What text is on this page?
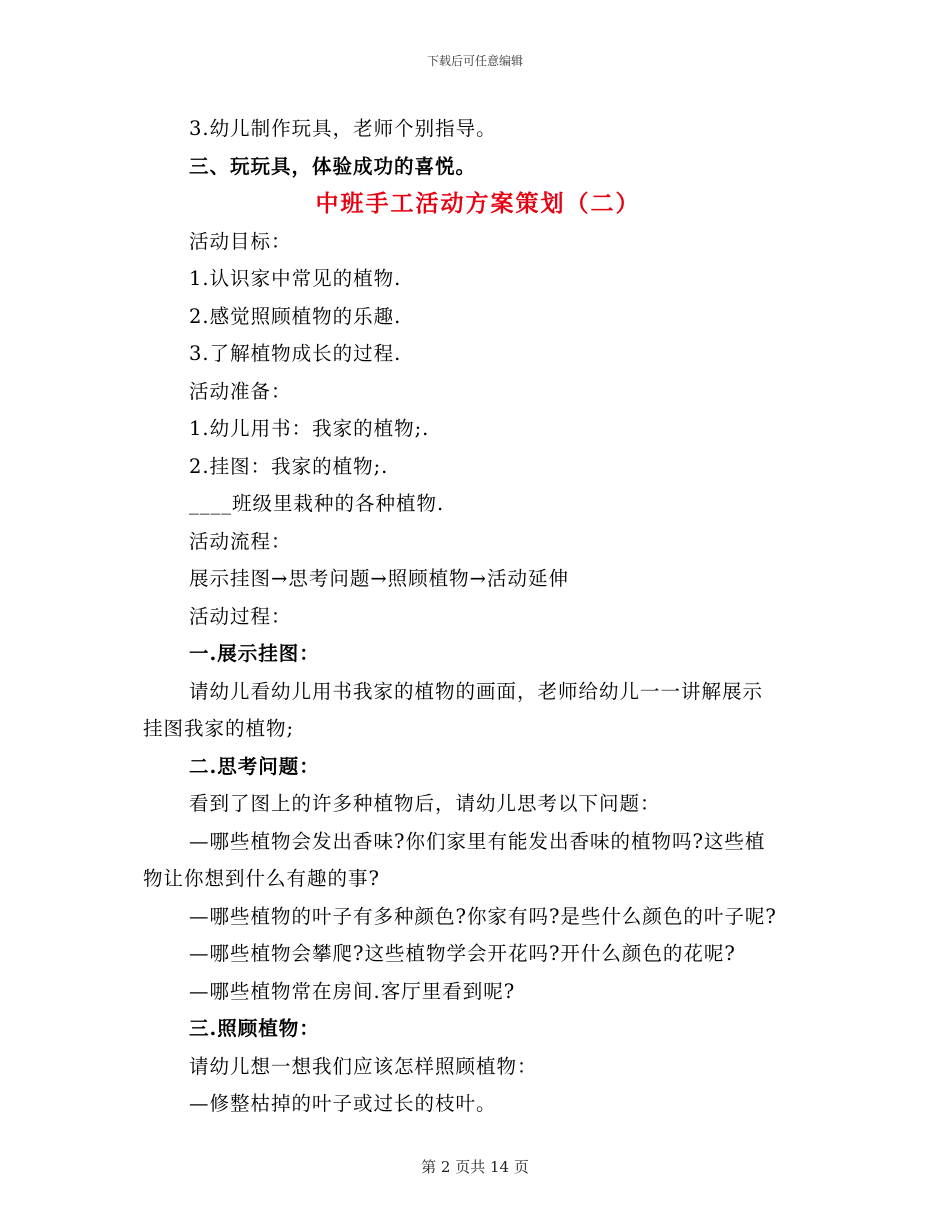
下载后可任意编辑
3.幼儿制作玩具，老师个别指导。
三、玩玩具，体验成功的喜悦。
中班手工活动方案策划（二）
活动目标：
1.认识家中常见的植物.
2.感觉照顾植物的乐趣.
3.了解植物成长的过程.
活动准备：
1.幼儿用书：我家的植物;.
2.挂图：我家的植物;.
____班级里栽种的各种植物.
活动流程：
展示挂图→思考问题→照顾植物→活动延伸
活动过程：
一.展示挂图：
请幼儿看幼儿用书我家的植物的画面，老师给幼儿一一讲解展示
挂图我家的植物;
二.思考问题：
看到了图上的许多种植物后，请幼儿思考以下问题：
—哪些植物会发出香味?你们家里有能发出香味的植物吗?这些植
物让你想到什么有趣的事?
—哪些植物的叶子有多种颜色?你家有吗?是些什么颜色的叶子呢?
—哪些植物会攀爬?这些植物学会开花吗?开什么颜色的花呢?
—哪些植物常在房间.客厅里看到呢?
三.照顾植物：
请幼儿想一想我们应该怎样照顾植物：
—修整枯掉的叶子或过长的枝叶。
第 2 页共 14 页
